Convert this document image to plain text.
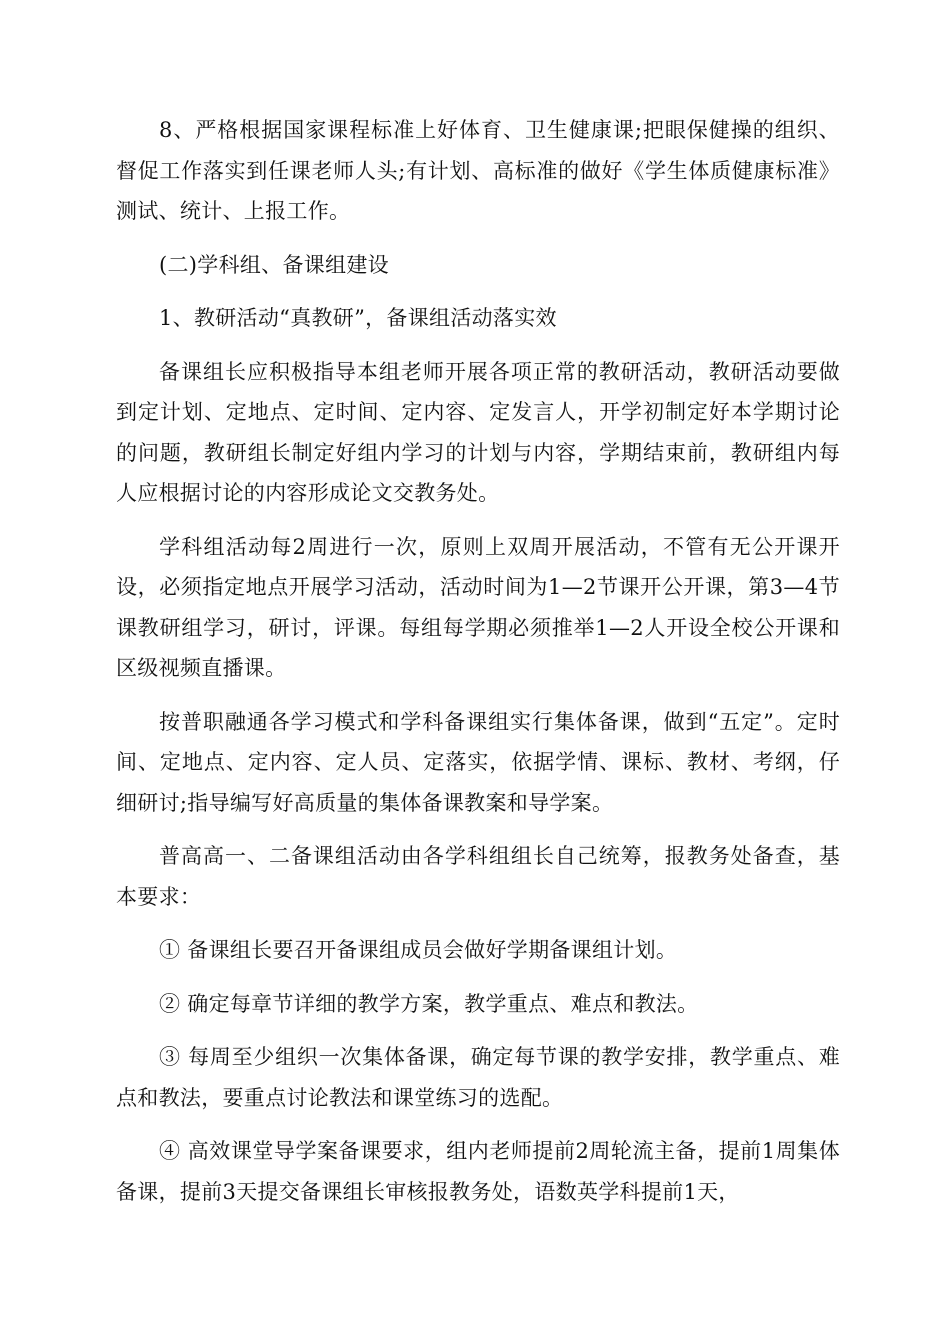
8、严格根据国家课程标准上好体育、卫生健康课;把眼保健操的组织、督促工作落实到任课老师人头;有计划、高标准的做好《学生体质健康标准》测试、统计、上报工作。

(二)学科组、备课组建设

1、教研活动“真教研”，备课组活动落实效

备课组长应积极指导本组老师开展各项正常的教研活动，教研活动要做到定计划、定地点、定时间、定内容、定发言人，开学初制定好本学期讨论的问题，教研组长制定好组内学习的计划与内容，学期结束前，教研组内每人应根据讨论的内容形成论文交教务处。

学科组活动每2周进行一次，原则上双周开展活动，不管有无公开课开设，必须指定地点开展学习活动，活动时间为1—2节课开公开课，第3—4节课教研组学习，研讨，评课。每组每学期必须推举1—2人开设全校公开课和区级视频直播课。

按普职融通各学习模式和学科备课组实行集体备课，做到“五定”。定时间、定地点、定内容、定人员、定落实，依据学情、课标、教材、考纲，仔细研讨;指导编写好高质量的集体备课教案和导学案。

普高高一、二备课组活动由各学科组组长自己统筹，报教务处备查，基本要求：

① 备课组长要召开备课组成员会做好学期备课组计划。

② 确定每章节详细的教学方案，教学重点、难点和教法。

③ 每周至少组织一次集体备课，确定每节课的教学安排，教学重点、难点和教法，要重点讨论教法和课堂练习的选配。

④ 高效课堂导学案备课要求，组内老师提前2周轮流主备，提前1周集体备课，提前3天提交备课组长审核报教务处，语数英学科提前1天，
